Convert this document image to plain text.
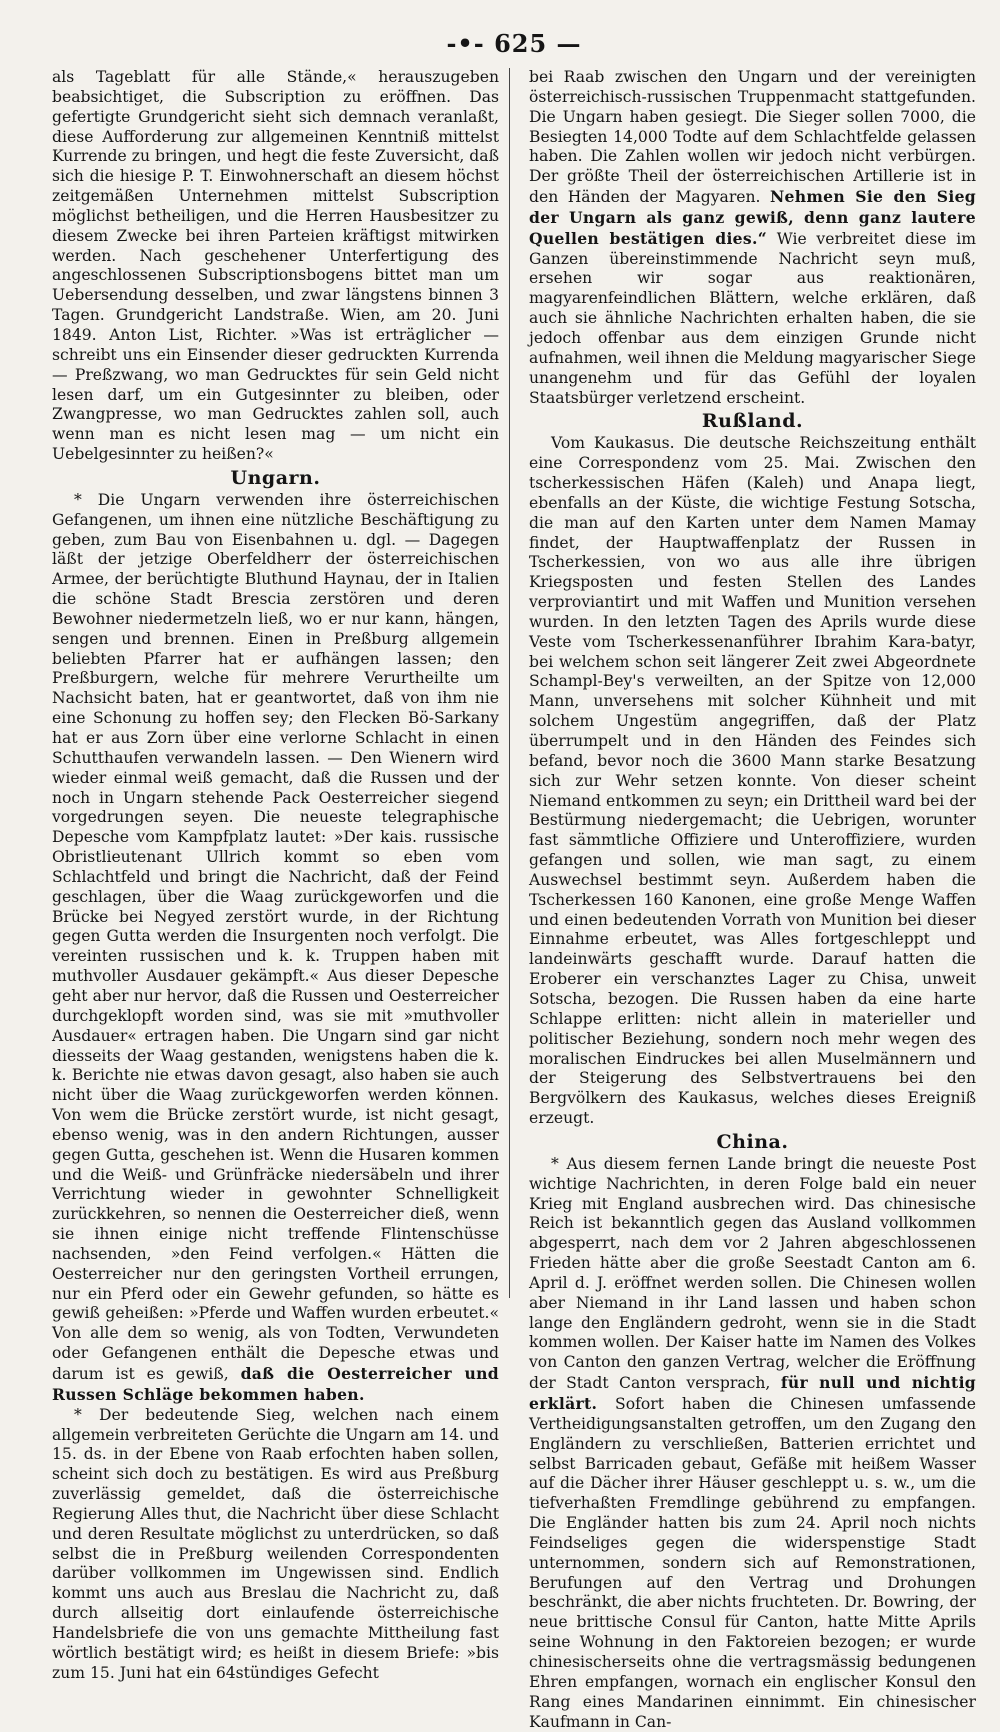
-•- 625 —

als Tageblatt für alle Stände,« herauszugeben beabsichtiget, die Subscription zu eröffnen. Das gefertigte Grundgericht sieht sich demnach veranlaßt, diese Aufforderung zur allgemeinen Kenntniß mittelst Kurrende zu bringen, und hegt die feste Zuversicht, daß sich die hiesige P. T. Einwohnerschaft an diesem höchst zeitgemäßen Unternehmen mittelst Subscription möglichst betheiligen, und die Herren Hausbesitzer zu diesem Zwecke bei ihren Parteien kräftigst mitwirken werden. Nach geschehener Unterfertigung des angeschlossenen Subscriptionsbogens bittet man um Uebersendung desselben, und zwar längstens binnen 3 Tagen. Grundgericht Landstraße. Wien, am 20. Juni 1849. Anton List, Richter. »Was ist erträglicher — schreibt uns ein Einsender dieser gedruckten Kurrenda — Preßzwang, wo man Gedrucktes für sein Geld nicht lesen darf, um ein Gutgesinnter zu bleiben, oder Zwangpresse, wo man Gedrucktes zahlen soll, auch wenn man es nicht lesen mag — um nicht ein Uebelgesinnter zu heißen?«

Ungarn.

* Die Ungarn verwenden ihre österreichischen Gefangenen, um ihnen eine nützliche Beschäftigung zu geben, zum Bau von Eisenbahnen u. dgl. — Dagegen läßt der jetzige Oberfeldherr der österreichischen Armee, der berüchtigte Bluthund Haynau, der in Italien die schöne Stadt Brescia zerstören und deren Bewohner niedermetzeln ließ, wo er nur kann, hängen, sengen und brennen. Einen in Preßburg allgemein beliebten Pfarrer hat er aufhängen lassen; den Preßburgern, welche für mehrere Verurtheilte um Nachsicht baten, hat er geantwortet, daß von ihm nie eine Schonung zu hoffen sey; den Flecken Bö-Sarkany hat er aus Zorn über eine verlorne Schlacht in einen Schutthaufen verwandeln lassen. — Den Wienern wird wieder einmal weiß gemacht, daß die Russen und der noch in Ungarn stehende Pack Oesterreicher siegend vorgedrungen seyen. Die neueste telegraphische Depesche vom Kampfplatz lautet: »Der kais. russische Obristlieutenant Ullrich kommt so eben vom Schlachtfeld und bringt die Nachricht, daß der Feind geschlagen, über die Waag zurückgeworfen und die Brücke bei Negyed zerstört wurde, in der Richtung gegen Gutta werden die Insurgenten noch verfolgt. Die vereinten russischen und k. k. Truppen haben mit muthvoller Ausdauer gekämpft.« Aus dieser Depesche geht aber nur hervor, daß die Russen und Oesterreicher durchgeklopft worden sind, was sie mit »muthvoller Ausdauer« ertragen haben. Die Ungarn sind gar nicht diesseits der Waag gestanden, wenigstens haben die k. k. Berichte nie etwas davon gesagt, also haben sie auch nicht über die Waag zurückgeworfen werden können. Von wem die Brücke zerstört wurde, ist nicht gesagt, ebenso wenig, was in den andern Richtungen, ausser gegen Gutta, geschehen ist. Wenn die Husaren kommen und die Weiß- und Grünfräcke niedersäbeln und ihrer Verrichtung wieder in gewohnter Schnelligkeit zurückkehren, so nennen die Oesterreicher dieß, wenn sie ihnen einige nicht treffende Flintenschüsse nachsenden, »den Feind verfolgen.« Hätten die Oesterreicher nur den geringsten Vortheil errungen, nur ein Pferd oder ein Gewehr gefunden, so hätte es gewiß geheißen: »Pferde und Waffen wurden erbeutet.« Von alle dem so wenig, als von Todten, Verwundeten oder Gefangenen enthält die Depesche etwas und darum ist es gewiß, daß die Oesterreicher und Russen Schläge bekommen haben.

* Der bedeutende Sieg, welchen nach einem allgemein verbreiteten Gerüchte die Ungarn am 14. und 15. ds. in der Ebene von Raab erfochten haben sollen, scheint sich doch zu bestätigen. Es wird aus Preßburg zuverlässig gemeldet, daß die österreichische Regierung Alles thut, die Nachricht über diese Schlacht und deren Resultate möglichst zu unterdrücken, so daß selbst die in Preßburg weilenden Correspondenten darüber vollkommen im Ungewissen sind. Endlich kommt uns auch aus Breslau die Nachricht zu, daß durch allseitig dort einlaufende österreichische Handelsbriefe die von uns gemachte Mittheilung fast wörtlich bestätigt wird; es heißt in diesem Briefe: »bis zum 15. Juni hat ein 64stündiges Gefecht

bei Raab zwischen den Ungarn und der vereinigten österreichisch-russischen Truppenmacht stattgefunden. Die Ungarn haben gesiegt. Die Sieger sollen 7000, die Besiegten 14,000 Todte auf dem Schlachtfelde gelassen haben. Die Zahlen wollen wir jedoch nicht verbürgen. Der größte Theil der österreichischen Artillerie ist in den Händen der Magyaren. Nehmen Sie den Sieg der Ungarn als ganz gewiß, denn ganz lautere Quellen bestätigen dies.“ Wie verbreitet diese im Ganzen übereinstimmende Nachricht seyn muß, ersehen wir sogar aus reaktionären, magyarenfeindlichen Blättern, welche erklären, daß auch sie ähnliche Nachrichten erhalten haben, die sie jedoch offenbar aus dem einzigen Grunde nicht aufnahmen, weil ihnen die Meldung magyarischer Siege unangenehm und für das Gefühl der loyalen Staatsbürger verletzend erscheint.

Rußland.

Vom Kaukasus. Die deutsche Reichszeitung enthält eine Correspondenz vom 25. Mai. Zwischen den tscherkessischen Häfen (Kaleh) und Anapa liegt, ebenfalls an der Küste, die wichtige Festung Sotscha, die man auf den Karten unter dem Namen Mamay findet, der Hauptwaffenplatz der Russen in Tscherkessien, von wo aus alle ihre übrigen Kriegsposten und festen Stellen des Landes verproviantirt und mit Waffen und Munition versehen wurden. In den letzten Tagen des Aprils wurde diese Veste vom Tscherkessenanführer Ibrahim Kara-batyr, bei welchem schon seit längerer Zeit zwei Abgeordnete Schampl-Bey's verweilten, an der Spitze von 12,000 Mann, unversehens mit solcher Kühnheit und mit solchem Ungestüm angegriffen, daß der Platz überrumpelt und in den Händen des Feindes sich befand, bevor noch die 3600 Mann starke Besatzung sich zur Wehr setzen konnte. Von dieser scheint Niemand entkommen zu seyn; ein Drittheil ward bei der Bestürmung niedergemacht; die Uebrigen, worunter fast sämmtliche Offiziere und Unteroffiziere, wurden gefangen und sollen, wie man sagt, zu einem Auswechsel bestimmt seyn. Außerdem haben die Tscherkessen 160 Kanonen, eine große Menge Waffen und einen bedeutenden Vorrath von Munition bei dieser Einnahme erbeutet, was Alles fortgeschleppt und landeinwärts geschafft wurde. Darauf hatten die Eroberer ein verschanztes Lager zu Chisa, unweit Sotscha, bezogen. Die Russen haben da eine harte Schlappe erlitten: nicht allein in materieller und politischer Beziehung, sondern noch mehr wegen des moralischen Eindruckes bei allen Muselmännern und der Steigerung des Selbstvertrauens bei den Bergvölkern des Kaukasus, welches dieses Ereigniß erzeugt.

China.

* Aus diesem fernen Lande bringt die neueste Post wichtige Nachrichten, in deren Folge bald ein neuer Krieg mit England ausbrechen wird. Das chinesische Reich ist bekanntlich gegen das Ausland vollkommen abgesperrt, nach dem vor 2 Jahren abgeschlossenen Frieden hätte aber die große Seestadt Canton am 6. April d. J. eröffnet werden sollen. Die Chinesen wollen aber Niemand in ihr Land lassen und haben schon lange den Engländern gedroht, wenn sie in die Stadt kommen wollen. Der Kaiser hatte im Namen des Volkes von Canton den ganzen Vertrag, welcher die Eröffnung der Stadt Canton versprach, für null und nichtig erklärt. Sofort haben die Chinesen umfassende Vertheidigungsanstalten getroffen, um den Zugang den Engländern zu verschließen, Batterien errichtet und selbst Barricaden gebaut, Gefäße mit heißem Wasser auf die Dächer ihrer Häuser geschleppt u. s. w., um die tiefverhaßten Fremdlinge gebührend zu empfangen. Die Engländer hatten bis zum 24. April noch nichts Feindseliges gegen die widerspenstige Stadt unternommen, sondern sich auf Remonstrationen, Berufungen auf den Vertrag und Drohungen beschränkt, die aber nichts fruchteten. Dr. Bowring, der neue brittische Consul für Canton, hatte Mitte Aprils seine Wohnung in den Faktoreien bezogen; er wurde chinesischerseits ohne die vertragsmässig bedungenen Ehren empfangen, wornach ein englischer Konsul den Rang eines Mandarinen einnimmt. Ein chinesischer Kaufmann in Can-
